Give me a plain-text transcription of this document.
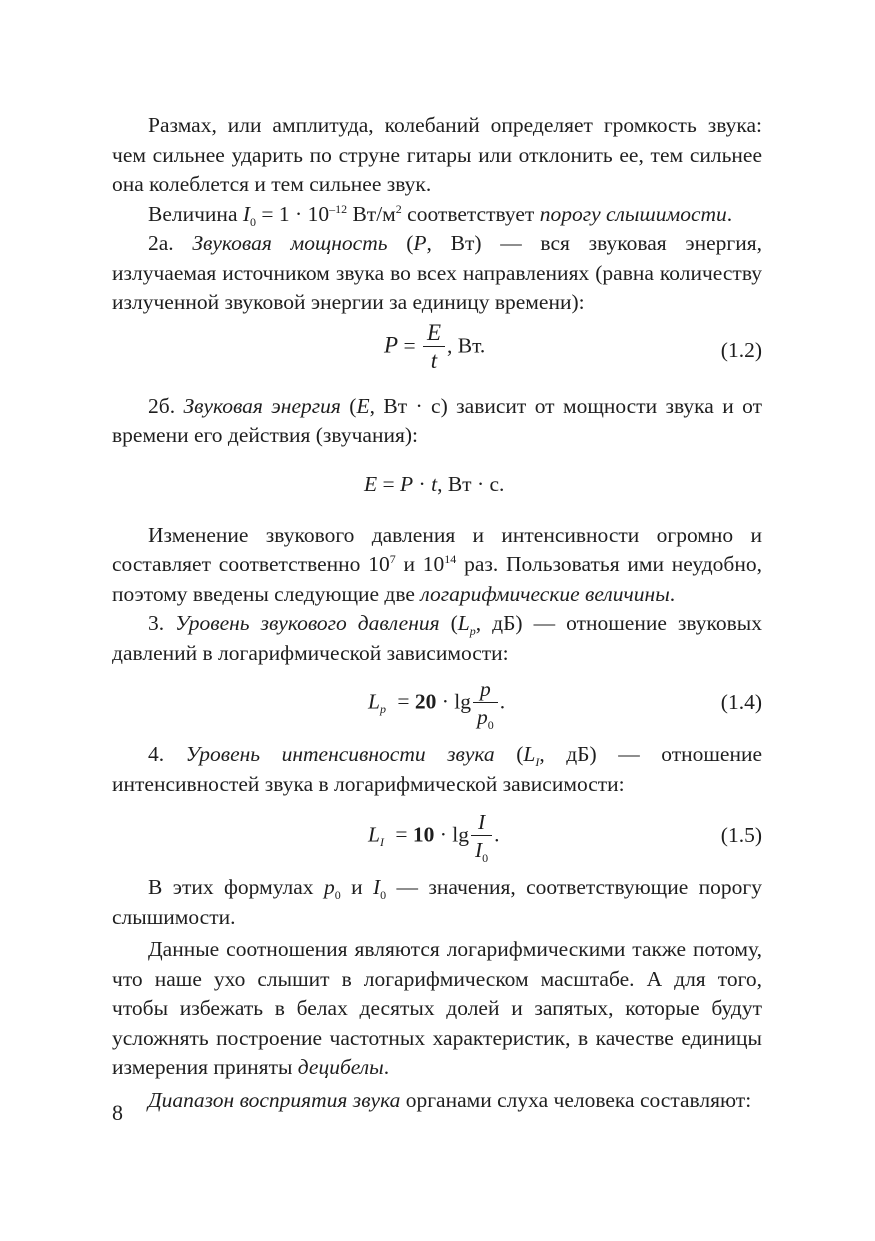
Размах, или амплитуда, колебаний определяет громкость звука: чем сильнее ударить по струне гитары или отклонить ее, тем сильнее она колеблется и тем сильнее звук.

Величина $I_0 = 1 \cdot 10^{-12}$ $Вт/м^2$ соответствует порогу слышимости.

2а. Звуковая мощность (P, Вт) — вся звуковая энергия, излучаемая источником звука во всех направлениях (равна количеству излученной звуковой энергии за единицу времени):

$P = \frac{E}{t}$ , Вт.	(1.2)

2б. Звуковая энергия (E, Вт · с) зависит от мощности звука и от времени его действия (звучания):

E = P · t, Вт · с.

Изменение звукового давления и интенсивности огромно и составляет соответственно $10^7$ и $10^{14}$ раз. Пользоватья ими неудобно, поэтому введены следующие две логарифмические величины.

3. Уровень звукового давления ($L_p$, дБ) — отношение звуковых давлений в логарифмической зависимости:

$L_p = 20 \cdot \lg \frac{p}{p_0}$ .	(1.4)

4. Уровень интенсивности звука ($L_I$, дБ) — отношение интенсивностей звука в логарифмической зависимости:

$L_I = 10 \cdot \lg \frac{I}{I_0}$ .	(1.5)

В этих формулах $p_0$ и $I_0$ — значения, соответствующие порогу слышимости.

Данные соотношения являются логарифмическими также потому, что наше ухо слышит в логарифмическом масштабе. А для того, чтобы избежать в белах десятых долей и запятых, которые будут усложнять построение частотных характеристик, в качестве единицы измерения приняты децибелы.

Диапазон восприятия звука органами слуха человека составляют:

8
